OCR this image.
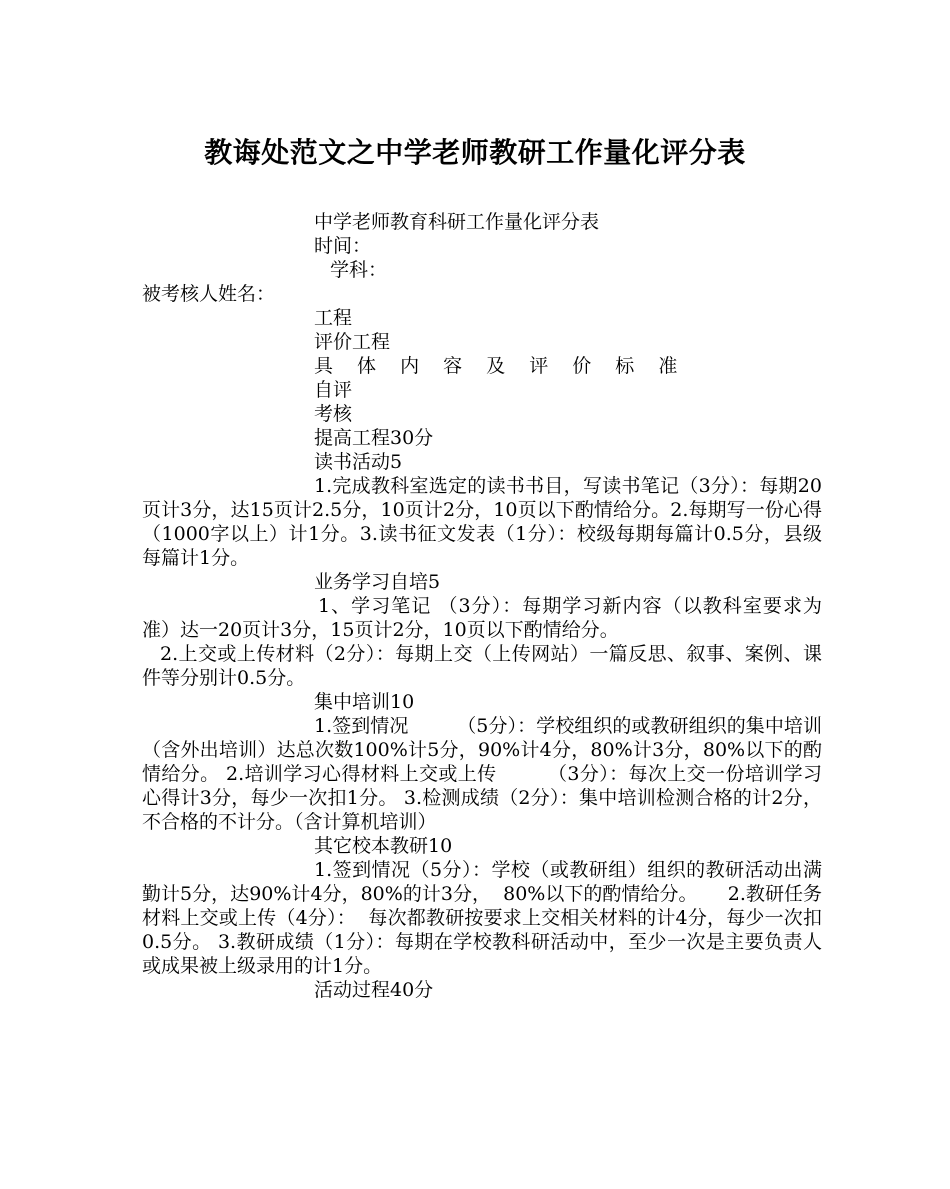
教诲处范文之中学老师教研工作量化评分表
中学老师教育科研工作量化评分表
时间：
学科：
被考核人姓名：
工程
评价工程
具 体 内 容 及 评 价 标 准
自评
考核
提高工程30分
读书活动5
1.完成教科室选定的读书书目，写读书笔记（3分）：每期20页计3分，达15页计2.5分，10页计2分，10页以下酌情给分。2.每期写一份心得（1000字以上）计1分。3.读书征文发表（1分）：校级每期每篇计0.5分，县级每篇计1分。
业务学习自培5
1、学习笔记 （3分）：每期学习新内容（以教科室要求为准）达一20页计3分，15页计2分，10页以下酌情给分。
2.上交或上传材料（2分）：每期上交（上传网站）一篇反思、叙事、案例、课件等分别计0.5分。
集中培训10
1.签到情况        （5分）：学校组织的或教研组织的集中培训（含外出培训）达总次数100%计5分，90%计4分，80%计3分，80%以下的酌情给分。 2.培训学习心得材料上交或上传        （3分）：每次上交一份培训学习心得计3分，每少一次扣1分。 3.检测成绩（2分）：集中培训检测合格的计2分，不合格的不计分。（含计算机培训）
其它校本教研10
1.签到情况（5分）：学校（或教研组）组织的教研活动出满勤计5分，达90%计4分，80%的计3分，  80%以下的酌情给分。     2.教研任务材料上交或上传（4分）：  每次都教研按要求上交相关材料的计4分，每少一次扣0.5分。 3.教研成绩（1分）：每期在学校教科研活动中，至少一次是主要负责人或成果被上级录用的计1分。
活动过程40分
